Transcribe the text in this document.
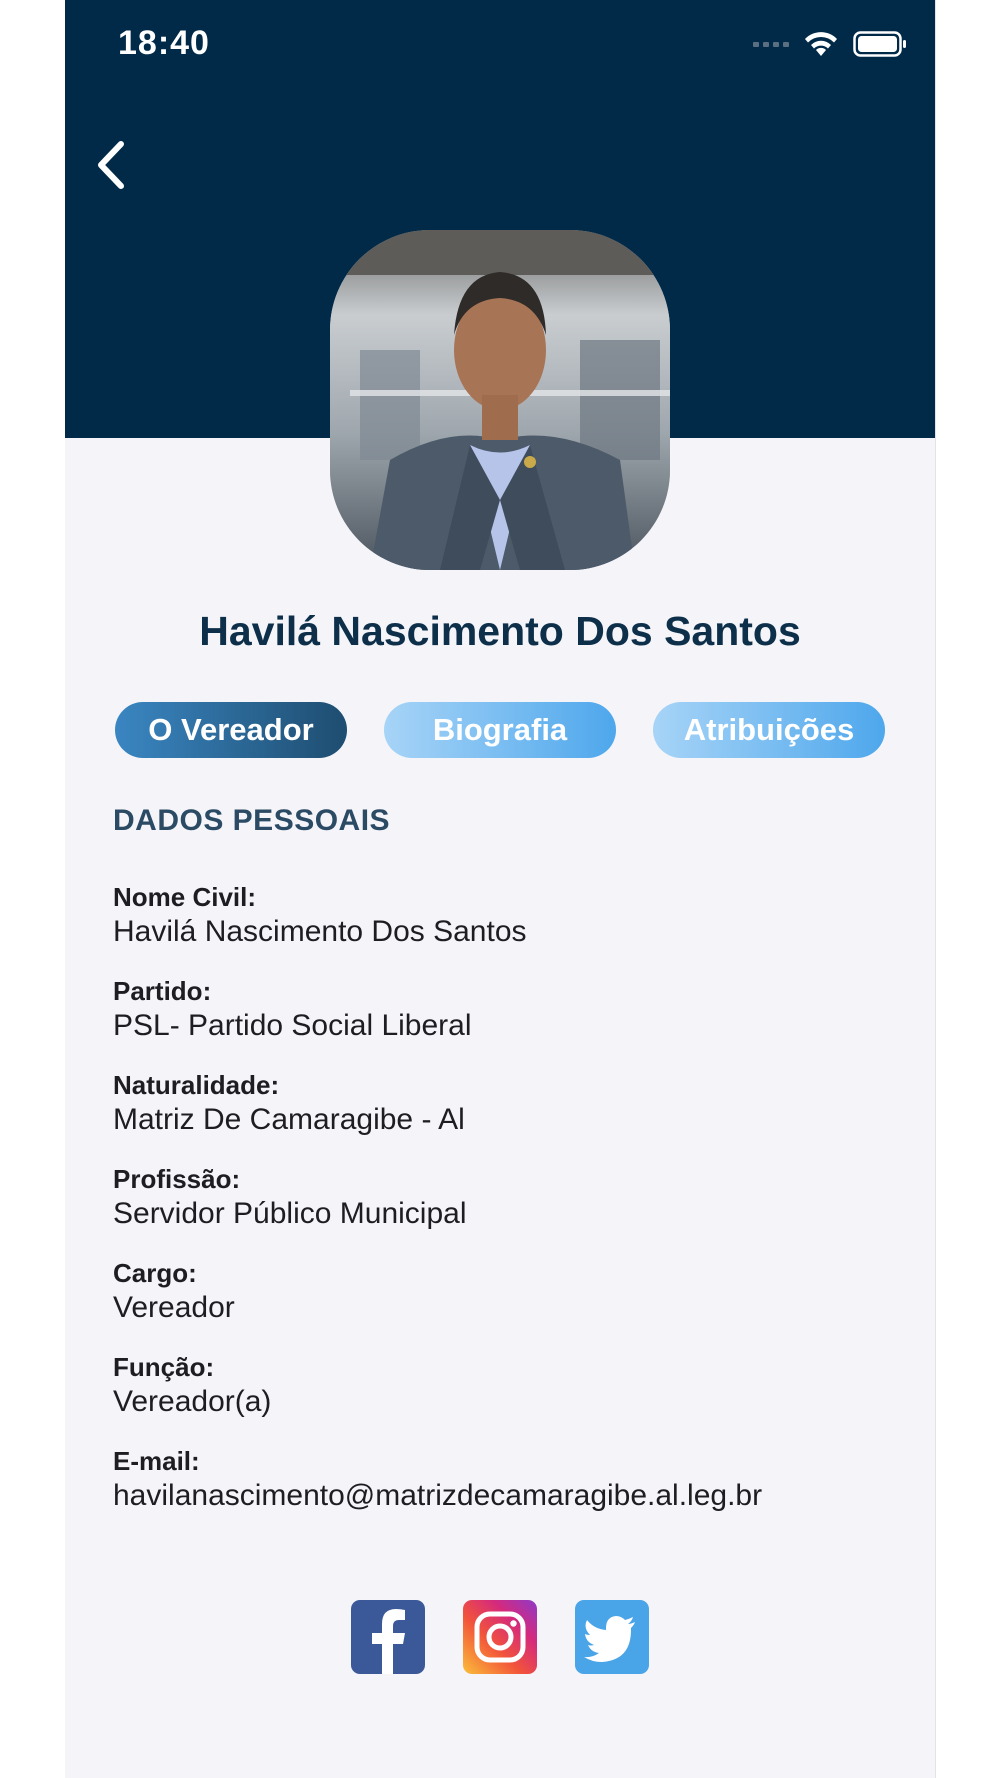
18:40
Havilá Nascimento Dos Santos
O Vereador	Biografia	Atribuições
DADOS PESSOAIS
Nome Civil:
Havilá Nascimento Dos Santos
Partido:
PSL- Partido Social Liberal
Naturalidade:
Matriz De Camaragibe - Al
Profissão:
Servidor Público Municipal
Cargo:
Vereador
Função:
Vereador(a)
E-mail:
havilanascimento@matrizdecamaragibe.al.leg.br
